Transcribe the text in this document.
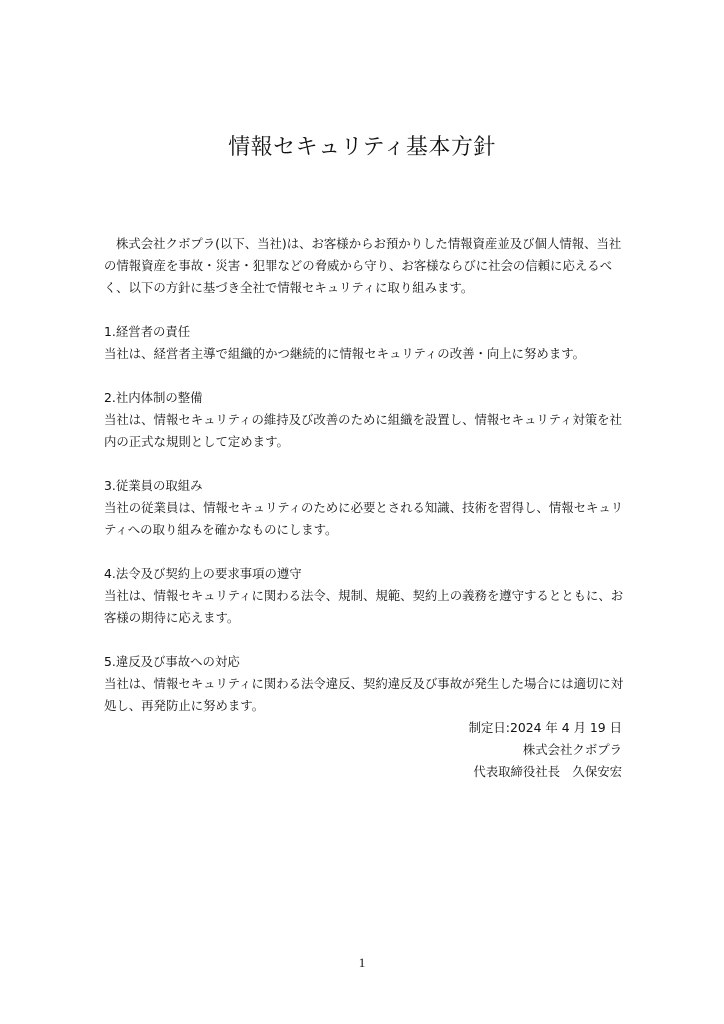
情報セキュリティ基本方針

株式会社クボプラ(以下、当社)は、お客様からお預かりした情報資産並及び個人情報、当社の情報資産を事故・災害・犯罪などの脅威から守り、お客様ならびに社会の信頼に応えるべく、以下の方針に基づき全社で情報セキュリティに取り組みます。

1.経営者の責任

当社は、経営者主導で組織的かつ継続的に情報セキュリティの改善・向上に努めます。

2.社内体制の整備

当社は、情報セキュリティの維持及び改善のために組織を設置し、情報セキュリティ対策を社内の正式な規則として定めます。

3.従業員の取組み

当社の従業員は、情報セキュリティのために必要とされる知識、技術を習得し、情報セキュリティへの取り組みを確かなものにします。

4.法令及び契約上の要求事項の遵守

当社は、情報セキュリティに関わる法令、規制、規範、契約上の義務を遵守するとともに、お客様の期待に応えます。

5.違反及び事故への対応

当社は、情報セキュリティに関わる法令違反、契約違反及び事故が発生した場合には適切に対処し、再発防止に努めます。

制定日:2024 年 4 月 19 日

株式会社クボプラ

代表取締役社長　久保安宏

1
